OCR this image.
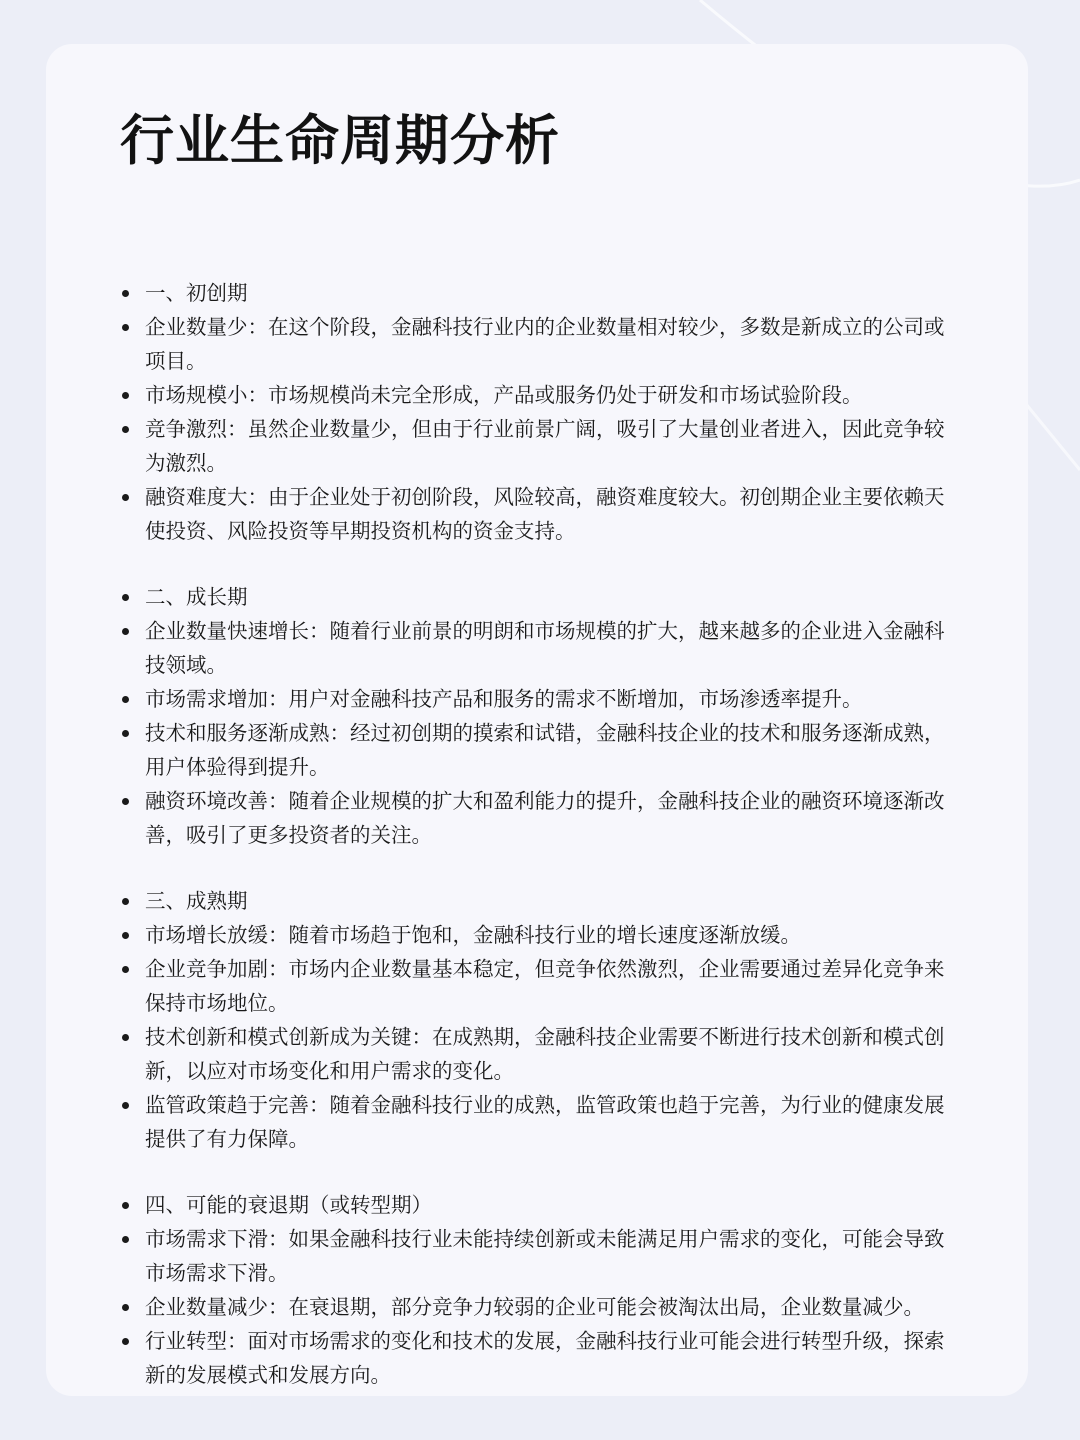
行业生命周期分析
一、初创期
企业数量少：在这个阶段，金融科技行业内的企业数量相对较少，多数是新成立的公司或项目。
市场规模小：市场规模尚未完全形成，产品或服务仍处于研发和市场试验阶段。
竞争激烈：虽然企业数量少，但由于行业前景广阔，吸引了大量创业者进入，因此竞争较为激烈。
融资难度大：由于企业处于初创阶段，风险较高，融资难度较大。初创期企业主要依赖天使投资、风险投资等早期投资机构的资金支持。
二、成长期
企业数量快速增长：随着行业前景的明朗和市场规模的扩大，越来越多的企业进入金融科技领域。
市场需求增加：用户对金融科技产品和服务的需求不断增加，市场渗透率提升。
技术和服务逐渐成熟：经过初创期的摸索和试错，金融科技企业的技术和服务逐渐成熟，用户体验得到提升。
融资环境改善：随着企业规模的扩大和盈利能力的提升，金融科技企业的融资环境逐渐改善，吸引了更多投资者的关注。
三、成熟期
市场增长放缓：随着市场趋于饱和，金融科技行业的增长速度逐渐放缓。
企业竞争加剧：市场内企业数量基本稳定，但竞争依然激烈，企业需要通过差异化竞争来保持市场地位。
技术创新和模式创新成为关键：在成熟期，金融科技企业需要不断进行技术创新和模式创新，以应对市场变化和用户需求的变化。
监管政策趋于完善：随着金融科技行业的成熟，监管政策也趋于完善，为行业的健康发展提供了有力保障。
四、可能的衰退期（或转型期）
市场需求下滑：如果金融科技行业未能持续创新或未能满足用户需求的变化，可能会导致市场需求下滑。
企业数量减少：在衰退期，部分竞争力较弱的企业可能会被淘汰出局，企业数量减少。
行业转型：面对市场需求的变化和技术的发展，金融科技行业可能会进行转型升级，探索新的发展模式和发展方向。
